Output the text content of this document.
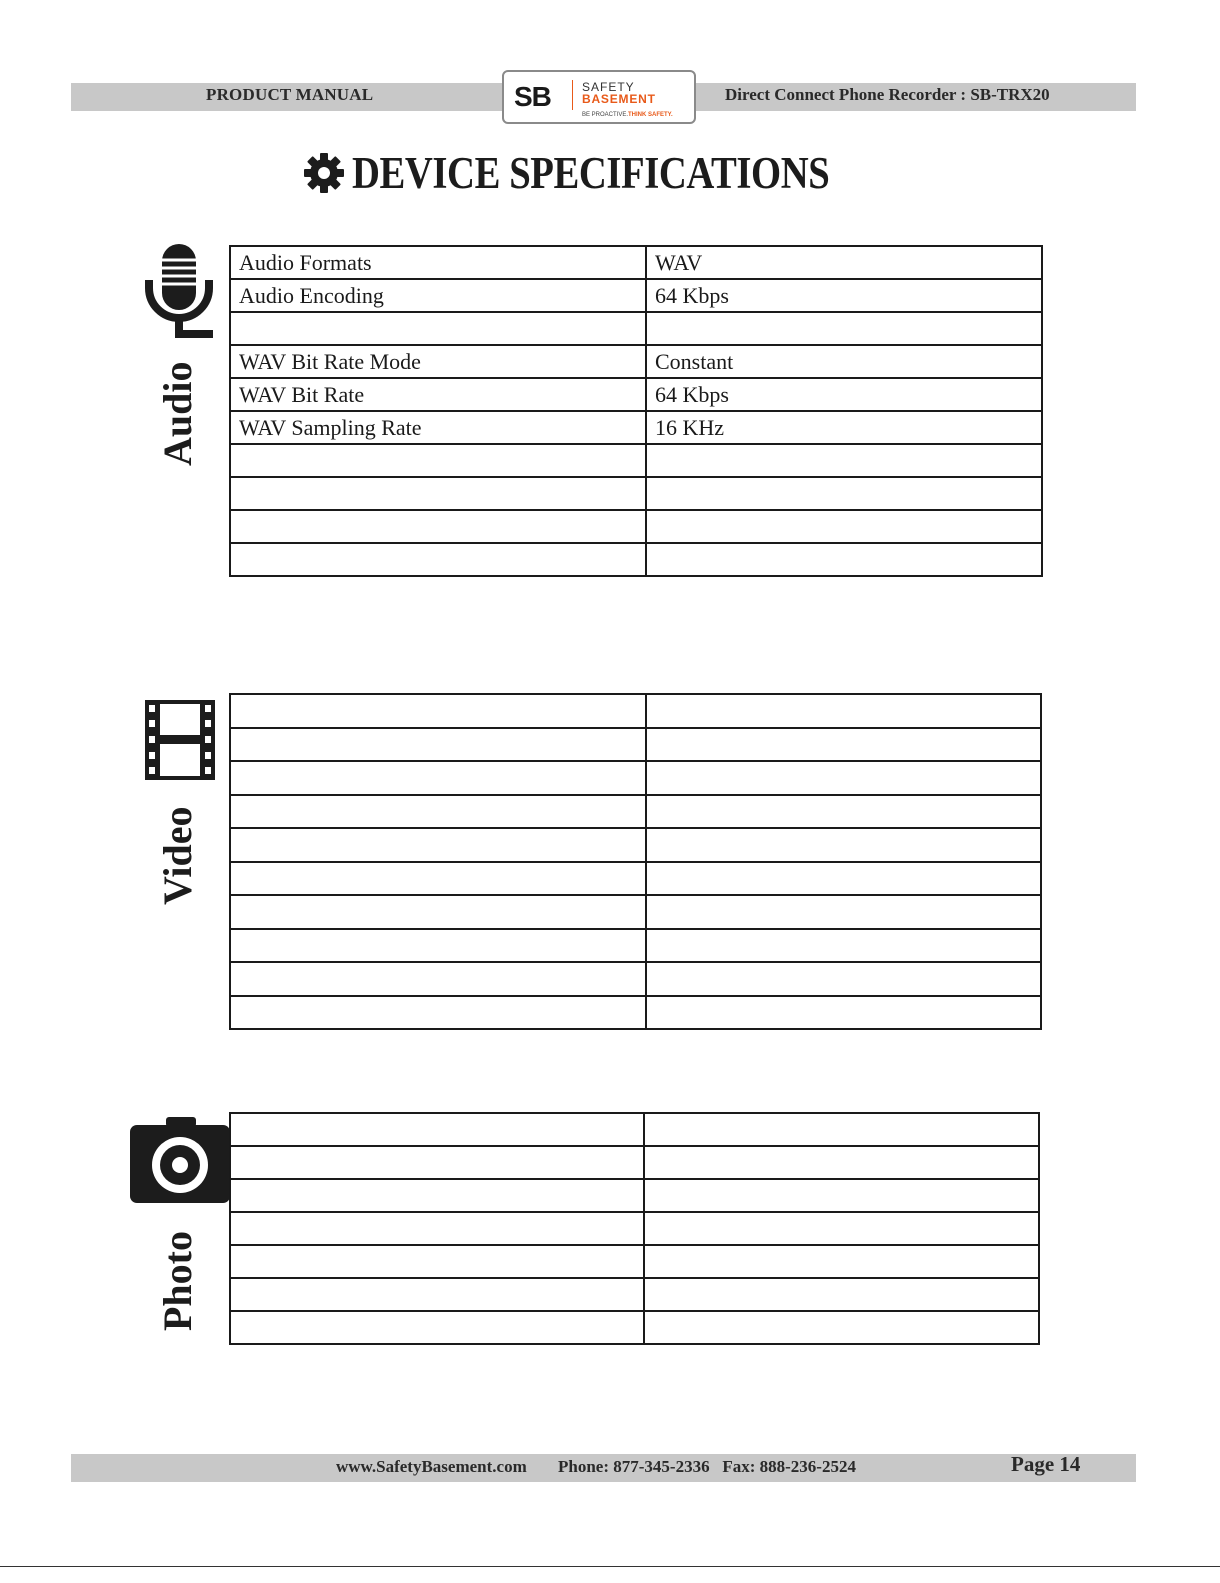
PRODUCT MANUAL	Direct Connect Phone Recorder : SB-TRX20
SB	SAFETY
BASEMENT
BE PROACTIVE.THINK SAFETY.
DEVICE SPECIFICATIONS
Audio
Audio Formats	WAV
Audio Encoding	64 Kbps

WAV Bit Rate Mode	Constant
WAV Bit Rate	64 Kbps
WAV Sampling Rate	16 KHz

Video

Photo

www.SafetyBasement.com Phone: 877-345-2336   Fax: 888-236-2524	Page 14
